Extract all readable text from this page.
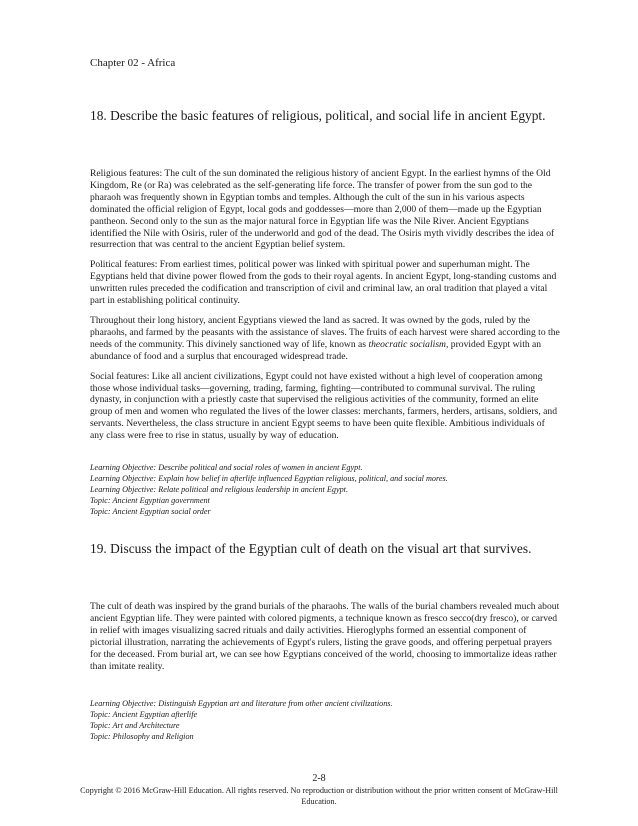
Chapter 02 - Africa
18. Describe the basic features of religious, political, and social life in ancient Egypt.

Religious features: The cult of the sun dominated the religious history of ancient Egypt. In the earliest hymns of the Old Kingdom, Re (or Ra) was celebrated as the self-generating life force. The transfer of power from the sun god to the pharaoh was frequently shown in Egyptian tombs and temples. Although the cult of the sun in his various aspects dominated the official religion of Egypt, local gods and goddesses—more than 2,000 of them—made up the Egyptian pantheon. Second only to the sun as the major natural force in Egyptian life was the Nile River. Ancient Egyptians identified the Nile with Osiris, ruler of the underworld and god of the dead. The Osiris myth vividly describes the idea of resurrection that was central to the ancient Egyptian belief system.

Political features: From earliest times, political power was linked with spiritual power and superhuman might. The Egyptians held that divine power flowed from the gods to their royal agents. In ancient Egypt, long-standing customs and unwritten rules preceded the codification and transcription of civil and criminal law, an oral tradition that played a vital part in establishing political continuity.

Throughout their long history, ancient Egyptians viewed the land as sacred. It was owned by the gods, ruled by the pharaohs, and farmed by the peasants with the assistance of slaves. The fruits of each harvest were shared according to the needs of the community. This divinely sanctioned way of life, known as theocratic socialism, provided Egypt with an abundance of food and a surplus that encouraged widespread trade.

Social features: Like all ancient civilizations, Egypt could not have existed without a high level of cooperation among those whose individual tasks—governing, trading, farming, fighting—contributed to communal survival. The ruling dynasty, in conjunction with a priestly caste that supervised the religious activities of the community, formed an elite group of men and women who regulated the lives of the lower classes: merchants, farmers, herders, artisans, soldiers, and servants. Nevertheless, the class structure in ancient Egypt seems to have been quite flexible. Ambitious individuals of any class were free to rise in status, usually by way of education.

Learning Objective: Describe political and social roles of women in ancient Egypt.
Learning Objective: Explain how belief in afterlife influenced Egyptian religious, political, and social mores.
Learning Objective: Relate political and religious leadership in ancient Egypt.
Topic: Ancient Egyptian government
Topic: Ancient Egyptian social order
19. Discuss the impact of the Egyptian cult of death on the visual art that survives.

The cult of death was inspired by the grand burials of the pharaohs. The walls of the burial chambers revealed much about ancient Egyptian life. They were painted with colored pigments, a technique known as fresco secco(dry fresco), or carved in relief with images visualizing sacred rituals and daily activities. Hieroglyphs formed an essential component of pictorial illustration, narrating the achievements of Egypt's rulers, listing the grave goods, and offering perpetual prayers for the deceased. From burial art, we can see how Egyptians conceived of the world, choosing to immortalize ideas rather than imitate reality.

Learning Objective: Distinguish Egyptian art and literature from other ancient civilizations.
Topic: Ancient Egyptian afterlife
Topic: Art and Architecture
Topic: Philosophy and Religion
2-8
Copyright © 2016 McGraw-Hill Education. All rights reserved. No reproduction or distribution without the prior written consent of McGraw-Hill Education.
